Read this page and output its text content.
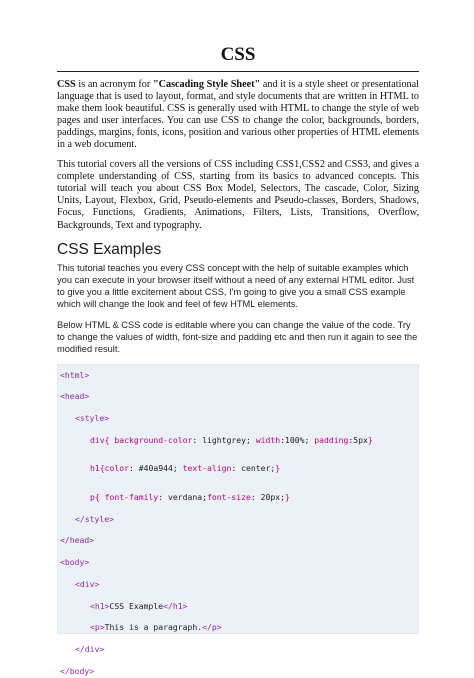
CSS

CSS is an acronym for "Cascading Style Sheet" and it is a style sheet or presentational language that is used to layout, format, and style documents that are written in HTML to make them look beautiful. CSS is generally used with HTML to change the style of web pages and user interfaces. You can use CSS to change the color, backgrounds, borders, paddings, margins, fonts, icons, position and various other properties of HTML elements in a web document.

This tutorial covers all the versions of CSS including CSS1,CSS2 and CSS3, and gives a complete understanding of CSS, starting from its basics to advanced concepts. This tutorial will teach you about CSS Box Model, Selectors, The cascade, Color, Sizing Units, Layout, Flexbox, Grid, Pseudo-elements and Pseudo-classes, Borders, Shadows, Focus, Functions, Gradients, Animations, Filters, Lists, Transitions, Overflow, Backgrounds, Text and typography.

CSS Examples

This tutorial teaches you every CSS concept with the help of suitable examples which you can execute in your browser itself without a need of any external HTML editor. Just to give you a little excitement about CSS, I'm going to give you a small CSS example which will change the look and feel of few HTML elements.

Below HTML & CSS code is editable where you can change the value of the code. Try to change the values of width, font-size and padding etc and then run it again to see the modified result.

<html>
<head>
<style>
div{ background-color: lightgrey; width:100%; padding:5px}
h1{color: #40a944; text-align: center;}
p{ font-family: verdana;font-size: 20px;}
</style>
</head>
<body>
<div>
<h1>CSS Example</h1>
<p>This is a paragraph.</p>
</div>
</body>
